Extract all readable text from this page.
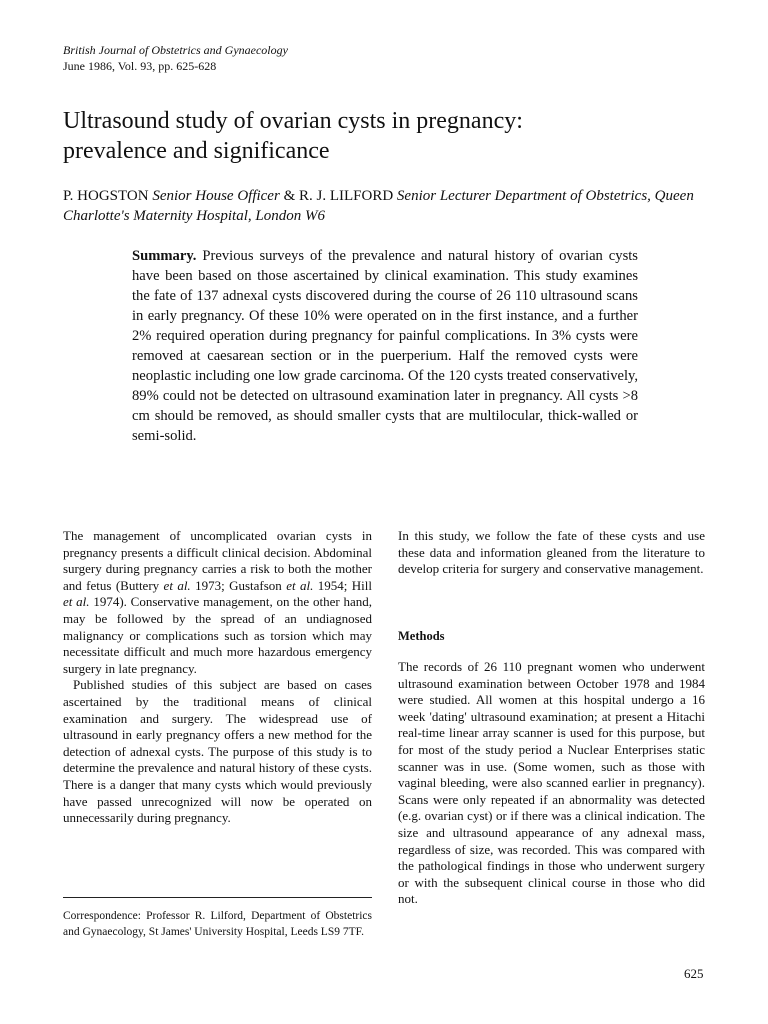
British Journal of Obstetrics and Gynaecology
June 1986, Vol. 93, pp. 625-628
Ultrasound study of ovarian cysts in pregnancy:
prevalence and significance
P. HOGSTON Senior House Officer & R. J. LILFORD Senior Lecturer Department of Obstetrics, Queen Charlotte's Maternity Hospital, London W6
Summary. Previous surveys of the prevalence and natural history of ovarian cysts have been based on those ascertained by clinical examination. This study examines the fate of 137 adnexal cysts discovered during the course of 26 110 ultrasound scans in early pregnancy. Of these 10% were operated on in the first instance, and a further 2% required operation during pregnancy for painful complications. In 3% cysts were removed at caesarean section or in the puerperium. Half the removed cysts were neoplastic including one low grade carcinoma. Of the 120 cysts treated conservatively, 89% could not be detected on ultrasound examination later in pregnancy. All cysts >8 cm should be removed, as should smaller cysts that are multilocular, thick-walled or semi-solid.

The management of uncomplicated ovarian cysts in pregnancy presents a difficult clinical decision. Abdominal surgery during pregnancy carries a risk to both the mother and fetus (Buttery et al. 1973; Gustafson et al. 1954; Hill et al. 1974). Conservative management, on the other hand, may be followed by the spread of an undiagnosed malignancy or complications such as torsion which may necessitate difficult and much more hazardous emergency surgery in late pregnancy.

Published studies of this subject are based on cases ascertained by the traditional means of clinical examination and surgery. The widespread use of ultrasound in early pregnancy offers a new method for the detection of adnexal cysts. The purpose of this study is to determine the prevalence and natural history of these cysts. There is a danger that many cysts which would previously have passed unrecognized will now be operated on unnecessarily during pregnancy.

Correspondence: Professor R. Lilford, Department of Obstetrics and Gynaecology, St James' University Hospital, Leeds LS9 7TF.

In this study, we follow the fate of these cysts and use these data and information gleaned from the literature to develop criteria for surgery and conservative management.

Methods

The records of 26 110 pregnant women who underwent ultrasound examination between October 1978 and 1984 were studied. All women at this hospital undergo a 16 week 'dating' ultrasound examination; at present a Hitachi real-time linear array scanner is used for this purpose, but for most of the study period a Nuclear Enterprises static scanner was in use. (Some women, such as those with vaginal bleeding, were also scanned earlier in pregnancy). Scans were only repeated if an abnormality was detected (e.g. ovarian cyst) or if there was a clinical indication. The size and ultrasound appearance of any adnexal mass, regardless of size, was recorded. This was compared with the pathological findings in those who underwent surgery or with the subsequent clinical course in those who did not.

625
